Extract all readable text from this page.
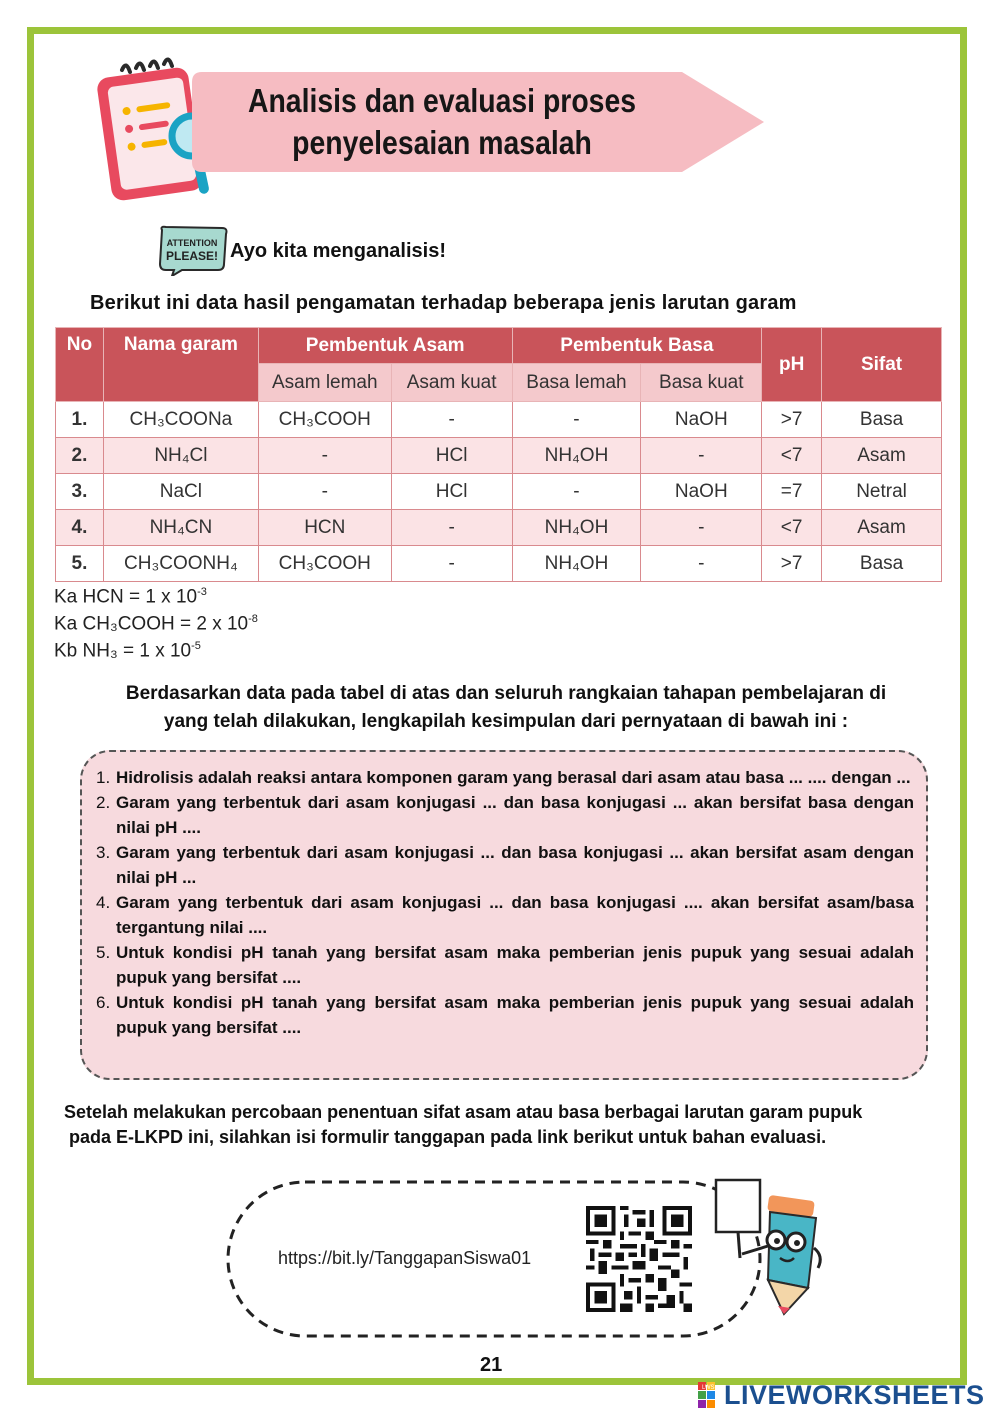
Analisis dan evaluasi proses
penyelesaian masalah
ATTENTION
PLEASE! Ayo kita menganalisis!
Berikut ini data hasil pengamatan terhadap beberapa jenis larutan garam
No	Nama garam	Pembentuk Asam		Pembentuk Basa		pH	Sifat
		Asam lemah	Asam kuat	Basa lemah	Basa kuat		
1.	CH₃COONa	CH₃COOH	-	-	NaOH	>7	Basa
2.	NH₄Cl	-	HCl	NH₄OH	-	<7	Asam
3.	NaCl	-	HCl	-	NaOH	=7	Netral
4.	NH₄CN	HCN	-	NH₄OH	-	<7	Asam
5.	CH₃COONH₄	CH₃COOH	-	NH₄OH	-	>7	Basa
Ka HCN = 1 x $10^{-3}$
Ka CH₃COOH = 2 x $10^{-8}$
Kb NH₃ = 1 x $10^{-5}$
Berdasarkan data pada tabel di atas dan seluruh rangkaian tahapan pembelajaran di
yang telah dilakukan, lengkapilah kesimpulan dari pernyataan di bawah ini :
1. Hidrolisis adalah reaksi antara komponen garam yang berasal dari asam atau basa ... .... dengan ...
2. Garam yang terbentuk dari asam konjugasi ... dan basa konjugasi ... akan bersifat basa dengan nilai pH ....
3. Garam yang terbentuk dari asam konjugasi ... dan basa konjugasi ... akan bersifat asam dengan nilai pH ...
4. Garam yang terbentuk dari asam konjugasi ... dan basa konjugasi .... akan bersifat asam/basa tergantung nilai ....
5. Untuk kondisi pH tanah yang bersifat asam maka pemberian jenis pupuk yang sesuai adalah pupuk yang bersifat ....
6. Untuk kondisi pH tanah yang bersifat asam maka pemberian jenis pupuk yang sesuai adalah pupuk yang bersifat ....
Setelah melakukan percobaan penentuan sifat asam atau basa berbagai larutan garam pupuk
pada E-LKPD ini, silahkan isi formulir tanggapan pada link berikut untuk bahan evaluasi.
https://bit.ly/TanggapanSiswa01
21
LWS LIVEWORKSHEETS
